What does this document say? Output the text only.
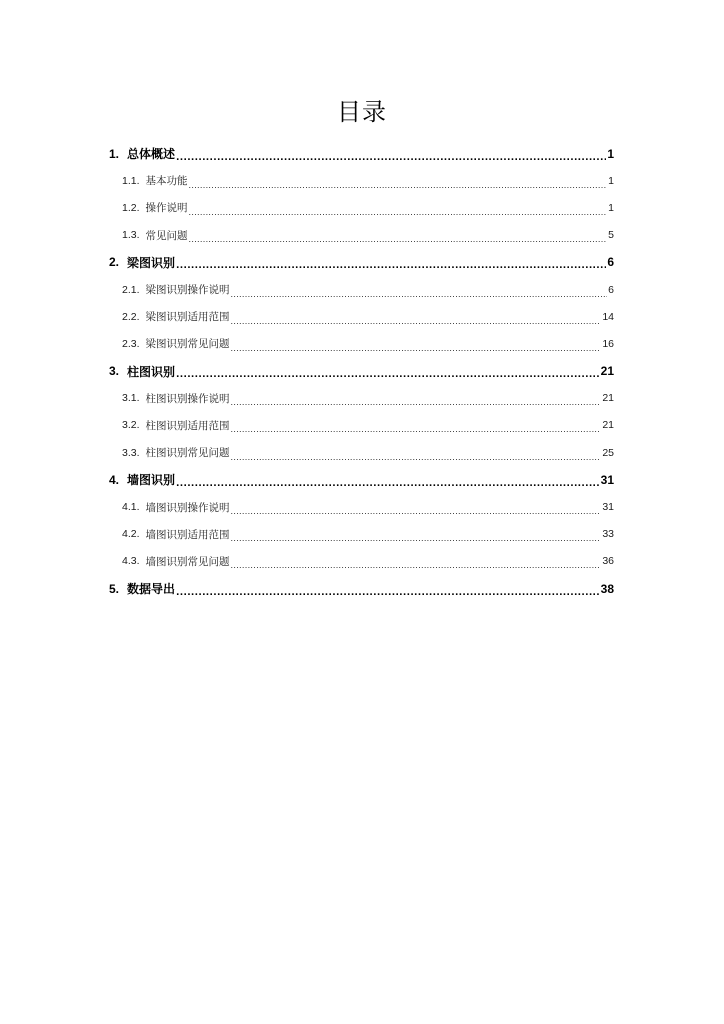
目录
1. 总体概述 .....	1
1.1. 基本功能 .....	1
1.2. 操作说明 .....	1
1.3. 常见问题 .....	5
2. 梁图识别 .....	6
2.1. 梁图识别操作说明 .....	6
2.2. 梁图识别适用范围 .....	14
2.3. 梁图识别常见问题 .....	16
3. 柱图识别 .....	21
3.1. 柱图识别操作说明 .....	21
3.2. 柱图识别适用范围 .....	21
3.3. 柱图识别常见问题 .....	25
4. 墙图识别 .....	31
4.1. 墙图识别操作说明 .....	31
4.2. 墙图识别适用范围 .....	33
4.3. 墙图识别常见问题 .....	36
5. 数据导出 .....	38
